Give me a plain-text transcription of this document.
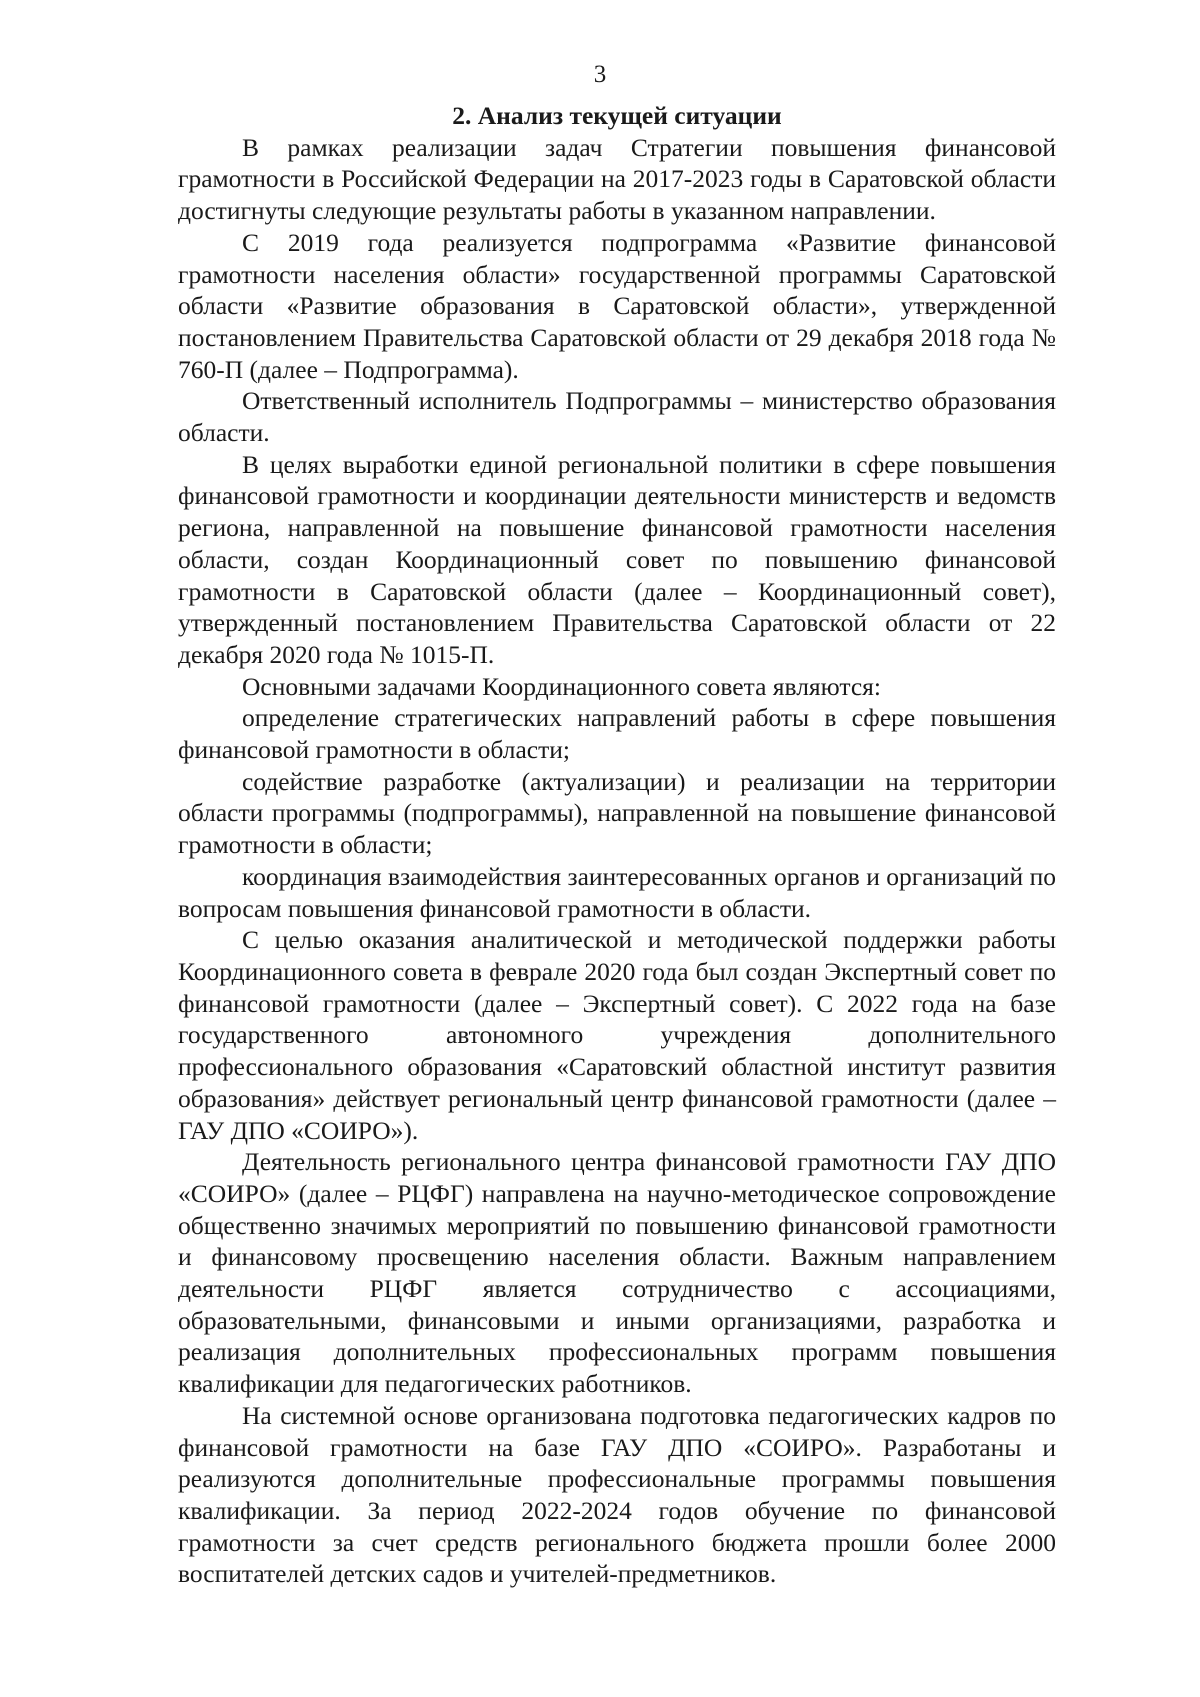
3

2. Анализ текущей ситуации

В рамках реализации задач Стратегии повышения финансовой грамотности в Российской Федерации на 2017-2023 годы в Саратовской области достигнуты следующие результаты работы в указанном направлении.

С 2019 года реализуется подпрограмма «Развитие финансовой грамотности населения области» государственной программы Саратовской области «Развитие образования в Саратовской области», утвержденной постановлением Правительства Саратовской области от 29 декабря 2018 года № 760-П (далее – Подпрограмма).

Ответственный исполнитель Подпрограммы – министерство образования области.

В целях выработки единой региональной политики в сфере повышения финансовой грамотности и координации деятельности министерств и ведомств региона, направленной на повышение финансовой грамотности населения области, создан Координационный совет по повышению финансовой грамотности в Саратовской области (далее – Координационный совет), утвержденный постановлением Правительства Саратовской области от 22 декабря 2020 года № 1015-П.

Основными задачами Координационного совета являются:

определение стратегических направлений работы в сфере повышения финансовой грамотности в области;

содействие разработке (актуализации) и реализации на территории области программы (подпрограммы), направленной на повышение финансовой грамотности в области;

координация взаимодействия заинтересованных органов и организаций по вопросам повышения финансовой грамотности в области.

С целью оказания аналитической и методической поддержки работы Координационного совета в феврале 2020 года был создан Экспертный совет по финансовой грамотности (далее – Экспертный совет). С 2022 года на базе государственного автономного учреждения дополнительного профессионального образования «Саратовский областной институт развития образования» действует региональный центр финансовой грамотности (далее – ГАУ ДПО «СОИРО»).

Деятельность регионального центра финансовой грамотности ГАУ ДПО «СОИРО» (далее – РЦФГ) направлена на научно-методическое сопровождение общественно значимых мероприятий по повышению финансовой грамотности и финансовому просвещению населения области. Важным направлением деятельности РЦФГ является сотрудничество с ассоциациями, образовательными, финансовыми и иными организациями, разработка и реализация дополнительных профессиональных программ повышения квалификации для педагогических работников.

На системной основе организована подготовка педагогических кадров по финансовой грамотности на базе ГАУ ДПО «СОИРО». Разработаны и реализуются дополнительные профессиональные программы повышения квалификации. За период 2022-2024 годов обучение по финансовой грамотности за счет средств регионального бюджета прошли более 2000 воспитателей детских садов и учителей-предметников.
